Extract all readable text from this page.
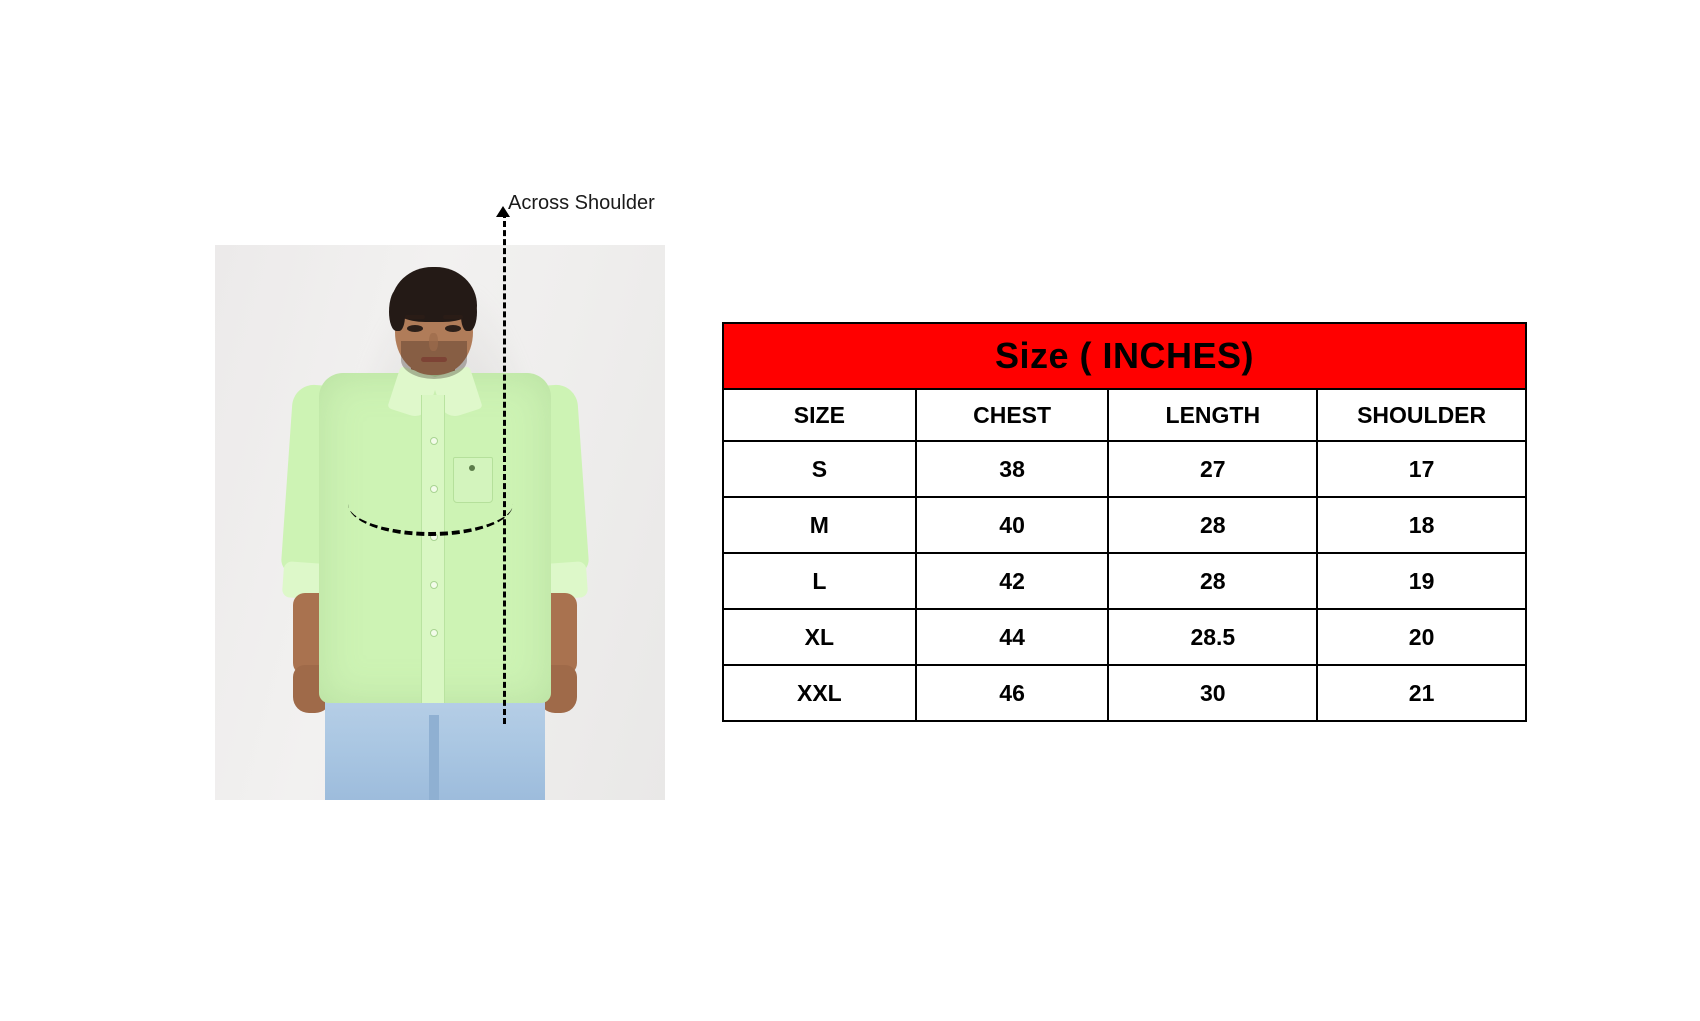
Across Shoulder
Size ( INCHES)			
SIZE	CHEST	LENGTH	SHOULDER
S	38	27	17
M	40	28	18
L	42	28	19
XL	44	28.5	20
XXL	46	30	21
